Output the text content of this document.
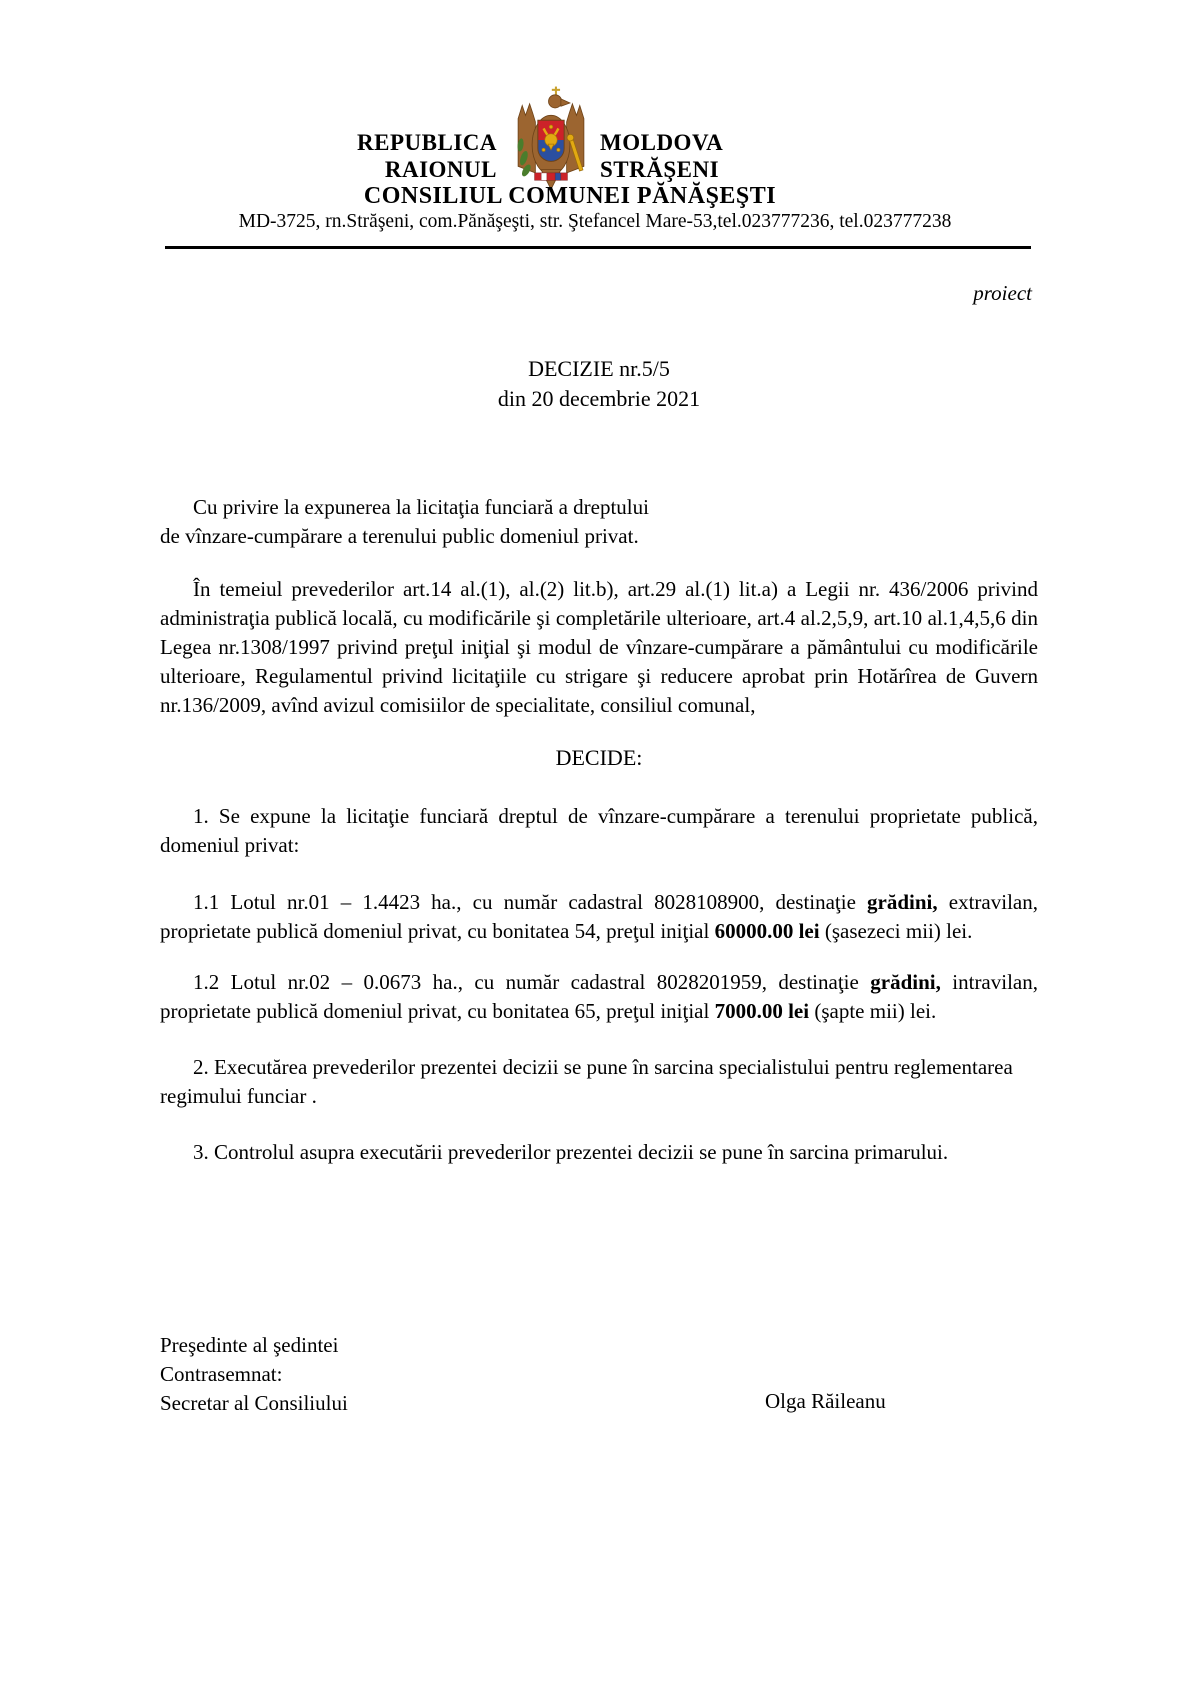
REPUBLICA	MOLDOVA
RAIONUL	STRĂŞENI
CONSILIUL COMUNEI PĂNĂŞEŞTI
MD-3725, rn.Străşeni, com.Pănăşeşti, str. Ştefancel Mare-53,tel.023777236, tel.023777238
proiect
DECIZIE nr.5/5
din 20 decembrie 2021

Cu privire la expunerea la licitaţia funciară a dreptului
de vînzare-cumpărare a terenului public domeniul privat.

În temeiul prevederilor art.14 al.(1), al.(2) lit.b), art.29 al.(1) lit.a) a Legii nr. 436/2006 privind administraţia publică locală, cu modificările şi completările ulterioare, art.4 al.2,5,9, art.10 al.1,4,5,6 din Legea nr.1308/1997 privind preţul iniţial şi modul de vînzare-cumpărare a pământului cu modificările ulterioare, Regulamentul privind licitaţiile cu strigare şi reducere aprobat prin Hotărîrea de Guvern nr.136/2009, avînd avizul comisiilor de specialitate, consiliul comunal,

DECIDE:

1. Se expune la licitaţie funciară dreptul de vînzare-cumpărare a terenului proprietate publică, domeniul privat:

1.1 Lotul nr.01 – 1.4423 ha., cu număr cadastral 8028108900, destinaţie grădini, extravilan, proprietate publică domeniul privat, cu bonitatea 54, preţul iniţial 60000.00 lei (şasezeci mii) lei.

1.2 Lotul nr.02 – 0.0673 ha., cu număr cadastral 8028201959, destinaţie grădini, intravilan, proprietate publică domeniul privat, cu bonitatea 65, preţul iniţial 7000.00 lei (şapte mii) lei.

2. Executărea prevederilor prezentei decizii se pune în sarcina specialistului pentru reglementarea regimului funciar .

3. Controlul asupra executării prevederilor prezentei decizii se pune în sarcina primarului.

Preşedinte al şedintei
Contrasemnat:
Secretar al Consiliului	Olga Răileanu
